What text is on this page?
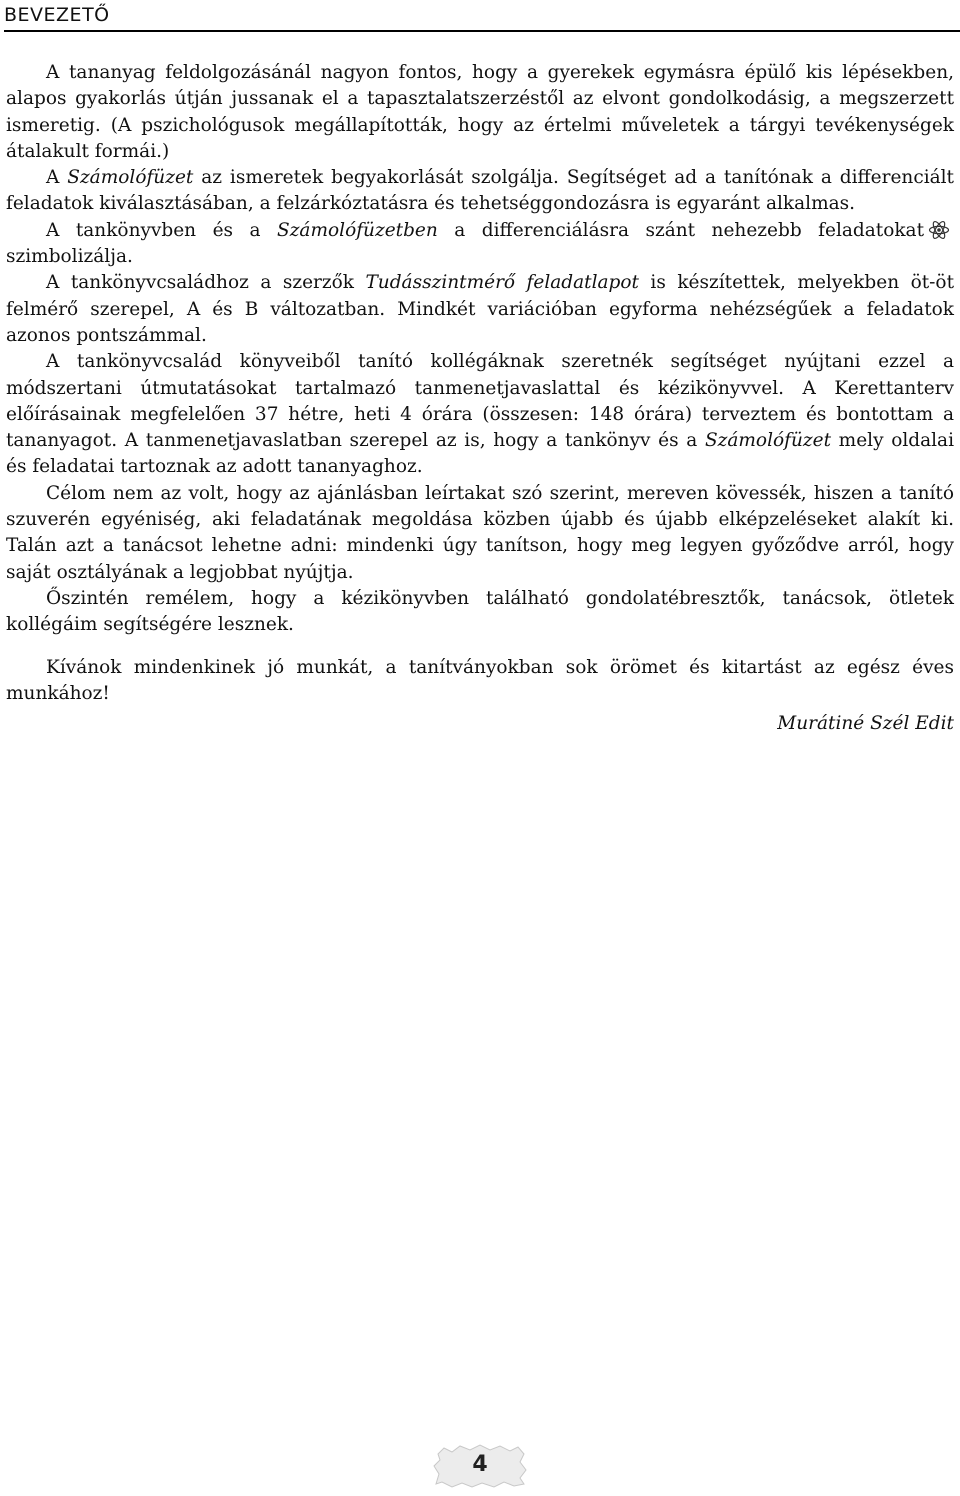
BEVEZETŐ

A tananyag feldolgozásánál nagyon fontos, hogy a gyerekek egymásra épülő kis lépésekben, alapos gyakorlás útján jussanak el a tapasztalatszerzéstől az elvont gondolkodásig, a megszerzett ismeretig. (A pszichológusok megállapították, hogy az értelmi műveletek a tárgyi tevékenységek átalakult formái.)

A Számolófüzet az ismeretek begyakorlását szolgálja. Segítséget ad a tanítónak a differenciált feladatok kiválasztásában, a felzárkóztatásra és tehetséggondozásra is egyaránt alkalmas.

A tankönyvben és a Számolófüzetben a differenciálásra szánt nehezebb feladatokat szimbolizálja.

A tankönyvcsaládhoz a szerzők Tudásszintmérő feladatlapot is készítettek, melyekben öt-öt felmérő szerepel, A és B változatban. Mindkét variációban egyforma nehézségűek a feladatok azonos pontszámmal.

A tankönyvcsalád könyveiből tanító kollégáknak szeretnék segítséget nyújtani ezzel a módszertani útmutatásokat tartalmazó tanmenetjavaslattal és kézikönyvvel. A Kerettanterv előírásainak megfelelően 37 hétre, heti 4 órára (összesen: 148 órára) terveztem és bontottam a tananyagot. A tanmenetjavaslatban szerepel az is, hogy a tankönyv és a Számolófüzet mely oldalai és feladatai tartoznak az adott tananyaghoz.

Célom nem az volt, hogy az ajánlásban leírtakat szó szerint, mereven kövessék, hiszen a tanító szuverén egyéniség, aki feladatának megoldása közben újabb és újabb elképzeléseket alakít ki. Talán azt a tanácsot lehetne adni: mindenki úgy tanítson, hogy meg legyen győződve arról, hogy saját osztályának a legjobbat nyújtja.

Őszintén remélem, hogy a kézikönyvben található gondolatébresztők, tanácsok, ötletek kollégáim segítségére lesznek.

Kívánok mindenkinek jó munkát, a tanítványokban sok örömet és kitartást az egész éves munkához!

Murátiné Szél Edit

4
